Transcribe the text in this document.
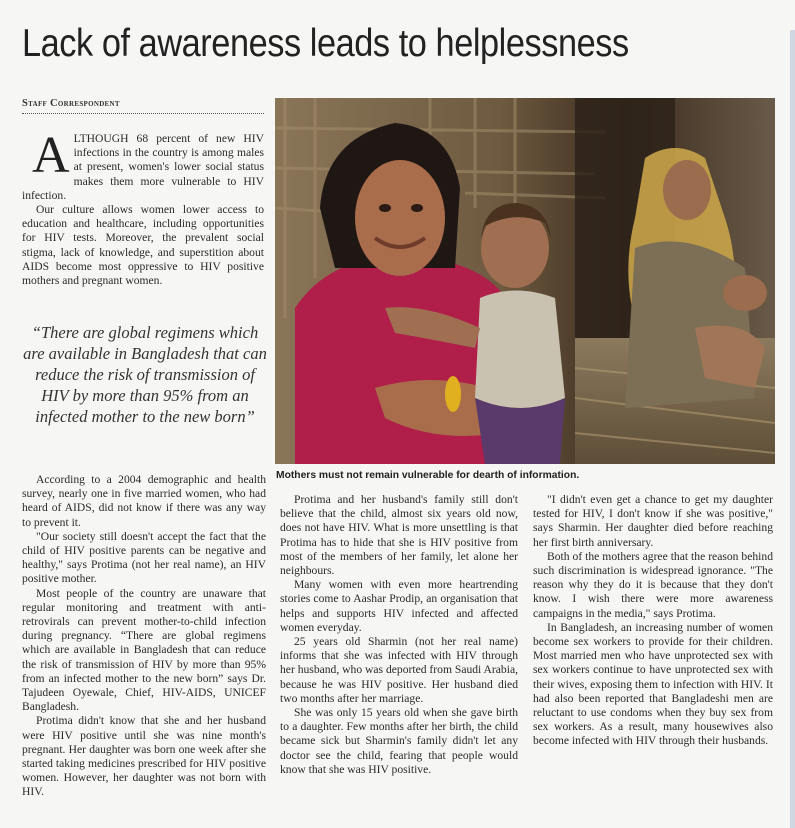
Lack of awareness leads to helplessness
Staff Correspondent

ALTHOUGH 68 percent of new HIV infections in the country is among males at present, women's lower social status makes them more vulnerable to HIV infection.

Our culture allows women lower access to education and healthcare, including opportunities for HIV tests. Moreover, the prevalent social stigma, lack of knowledge, and superstition about AIDS become most oppressive to HIV positive mothers and pregnant women.

“There are global regimens which are available in Bangladesh that can reduce the risk of transmission of HIV by more than 95% from an infected mother to the new born”
Mothers must not remain vulnerable for dearth of information.

According to a 2004 demographic and health survey, nearly one in five married women, who had heard of AIDS, did not know if there was any way to prevent it.

"Our society still doesn't accept the fact that the child of HIV positive parents can be negative and healthy," says Protima (not her real name), an HIV positive mother.

Most people of the country are unaware that regular monitoring and treatment with anti-retrovirals can prevent mother-to-child infection during pregnancy. “There are global regimens which are available in Bangladesh that can reduce the risk of transmission of HIV by more than 95% from an infected mother to the new born” says Dr. Tajudeen Oyewale, Chief, HIV-AIDS, UNICEF Bangladesh.

Protima didn't know that she and her husband were HIV positive until she was nine month's pregnant. Her daughter was born one week after she started taking medicines prescribed for HIV positive women. However, her daughter was not born with HIV.

Protima and her husband's family still don't believe that the child, almost six years old now, does not have HIV. What is more unsettling is that Protima has to hide that she is HIV positive from most of the members of her family, let alone her neighbours.

Many women with even more heartrending stories come to Aashar Prodip, an organisation that helps and supports HIV infected and affected women everyday.

25 years old Sharmin (not her real name) informs that she was infected with HIV through her husband, who was deported from Saudi Arabia, because he was HIV positive. Her husband died two months after her marriage.

She was only 15 years old when she gave birth to a daughter. Few months after her birth, the child became sick but Sharmin's family didn't let any doctor see the child, fearing that people would know that she was HIV positive.

"I didn't even get a chance to get my daughter tested for HIV, I don't know if she was positive," says Sharmin. Her daughter died before reaching her first birth anniversary.

Both of the mothers agree that the reason behind such discrimination is widespread ignorance. "The reason why they do it is because that they don't know. I wish there were more awareness campaigns in the media," says Protima.

In Bangladesh, an increasing number of women become sex workers to provide for their children. Most married men who have unprotected sex with sex workers continue to have unprotected sex with their wives, exposing them to infection with HIV. It had also been reported that Bangladeshi men are reluctant to use condoms when they buy sex from sex workers. As a result, many housewives also become infected with HIV through their husbands.
